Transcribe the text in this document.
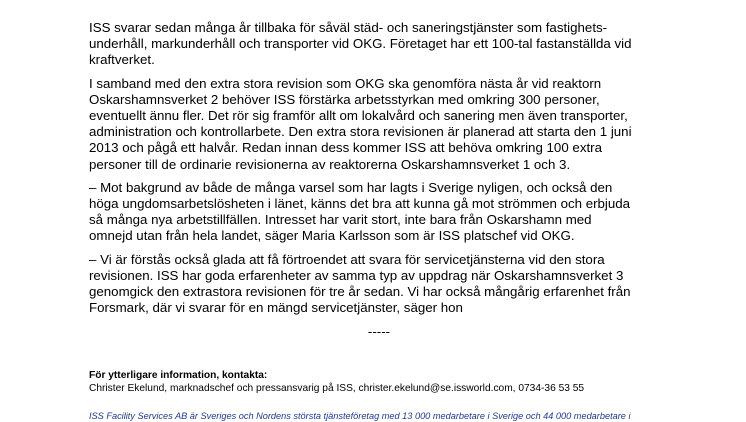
ISS svarar sedan många år tillbaka för såväl städ- och saneringstjänster som fastighets-
underhåll, markunderhåll och transporter vid OKG. Företaget har ett 100-tal fastanställda vid
kraftverket.

I samband med den extra stora revision som OKG ska genomföra nästa år vid reaktorn
Oskarshamnsverket 2 behöver ISS förstärka arbetsstyrkan med omkring 300 personer,
eventuellt ännu fler. Det rör sig framför allt om lokalvård och sanering men även transporter,
administration och kontrollarbete. Den extra stora revisionen är planerad att starta den 1 juni
2013 och pågå ett halvår. Redan innan dess kommer ISS att behöva omkring 100 extra
personer till de ordinarie revisionerna av reaktorerna Oskarshamnsverket 1 och 3.

– Mot bakgrund av både de många varsel som har lagts i Sverige nyligen, och också den
höga ungdomsarbetslösheten i länet, känns det bra att kunna gå mot strömmen och erbjuda
så många nya arbetstillfällen. Intresset har varit stort, inte bara från Oskarshamn med
omnejd utan från hela landet, säger Maria Karlsson som är ISS platschef vid OKG.

– Vi är förstås också glada att få förtroendet att svara för servicetjänsterna vid den stora
revisionen. ISS har goda erfarenheter av samma typ av uppdrag när Oskarshamnsverket 3
genomgick den extrastora revisionen för tre år sedan. Vi har också mångårig erfarenhet från
Forsmark, där vi svarar för en mängd servicetjänster, säger hon

-----
För ytterligare information, kontakta:
Christer Ekelund, marknadschef och pressansvarig på ISS, christer.ekelund@se.issworld.com, 0734-36 53 55
ISS Facility Services AB är Sveriges och Nordens största tjänsteföretag med 13 000 medarbetare i Sverige och 44 000 medarbetare i
